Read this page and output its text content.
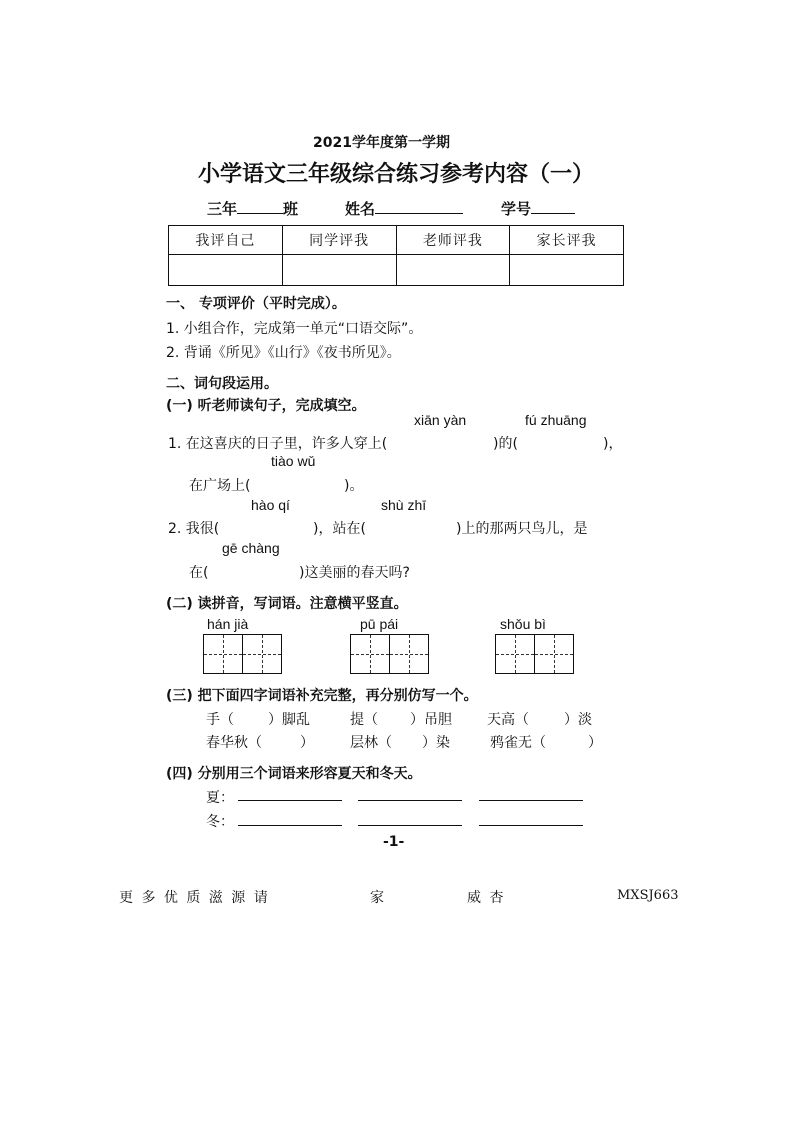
2021学年度第一学期
小学语文三年级综合练习参考内容（一）
三年	班	姓名	学号
我评自己	同学评我	老师评我	家长评我

一、 专项评价（平时完成）。
1. 小组合作，完成第一单元“口语交际”。
2. 背诵《所见》《山行》《夜书所见》。
二、词句段运用。
(一) 听老师读句子，完成填空。
xiān yàn	fú zhuāng
1. 在这喜庆的日子里，许多人穿上(	)的(	)，
tiào wǔ
在广场上(	)。
hào qí	shù zhī
2. 我很(	)，站在(	)上的那两只鸟儿，是
gē chàng
在(	)这美丽的春天吗?
(二) 读拼音，写词语。注意横平竖直。
hán jià	pū pái	shǒu bì
(三) 把下面四字词语补充完整，再分别仿写一个。
手（ ）脚乱	提（ ）吊胆	天高（	）淡
春华秋（	）	层林（ ）染	鸦雀无（	）
(四) 分别用三个词语来形容夏天和冬天。
夏：
冬：
-1-
更 多 优 质 滋 源 请	家	威 杏	MXSJ663
